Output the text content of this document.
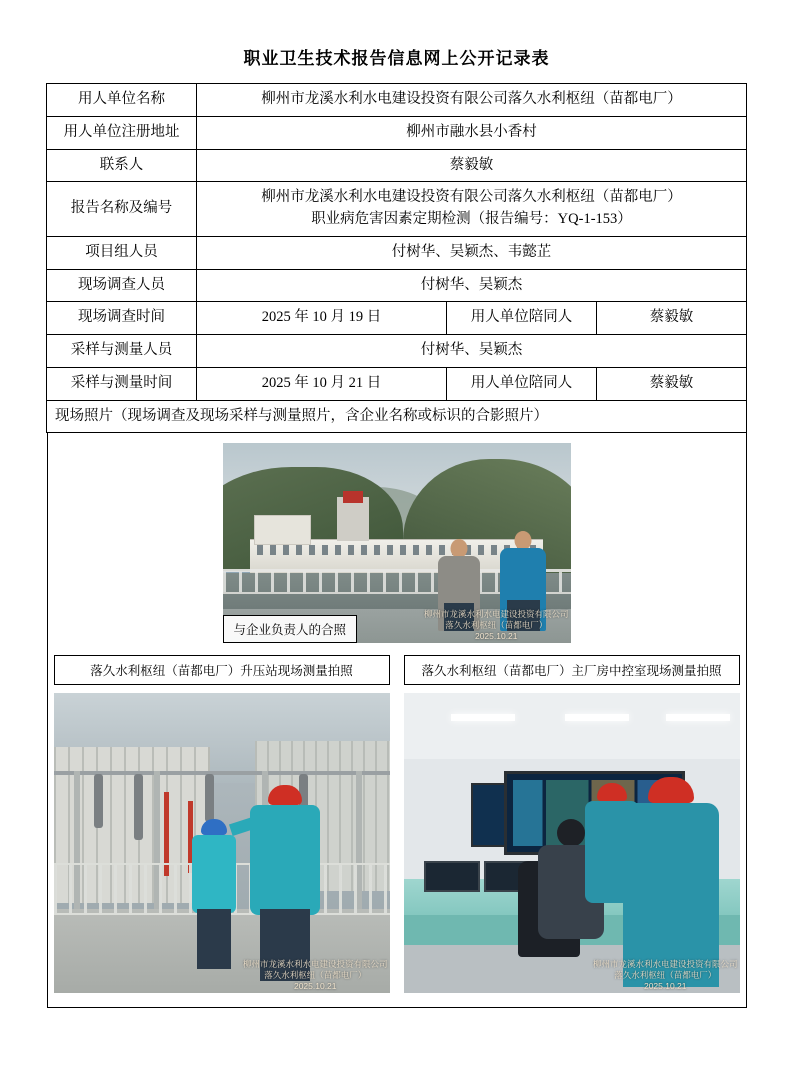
职业卫生技术报告信息网上公开记录表
用人单位名称	柳州市龙溪水利水电建设投资有限公司落久水利枢纽（苗都电厂）		
用人单位注册地址	柳州市融水县小香村		
联系人	蔡毅敏		
报告名称及编号	柳州市龙溪水利水电建设投资有限公司落久水利枢纽（苗都电厂）
职业病危害因素定期检测（报告编号：YQ-1-153）		

项目组人员	付树华、吴颖杰、韦懿芷		
现场调查人员	付树华、吴颖杰		
现场调查时间	2025 年 10 月 19 日	用人单位陪同人	蔡毅敏
采样与测量人员	付树华、吴颖杰		
采样与测量时间	2025 年 10 月 21 日	用人单位陪同人	蔡毅敏
现场照片（现场调查及现场采样与测量照片，含企业名称或标识的合影照片）			
与企业负责人的合照
柳州市龙溪水利水电建设投资有限公司
落久水利枢纽（苗都电厂）
2025.10.21
落久水利枢纽（苗都电厂）升压站现场测量拍照
柳州市龙溪水利水电建设投资有限公司
落久水利枢纽（苗都电厂）
2025.10.21
落久水利枢纽（苗都电厂）主厂房中控室现场测量拍照
柳州市龙溪水利水电建设投资有限公司
落久水利枢纽（苗都电厂）
2025.10.21
